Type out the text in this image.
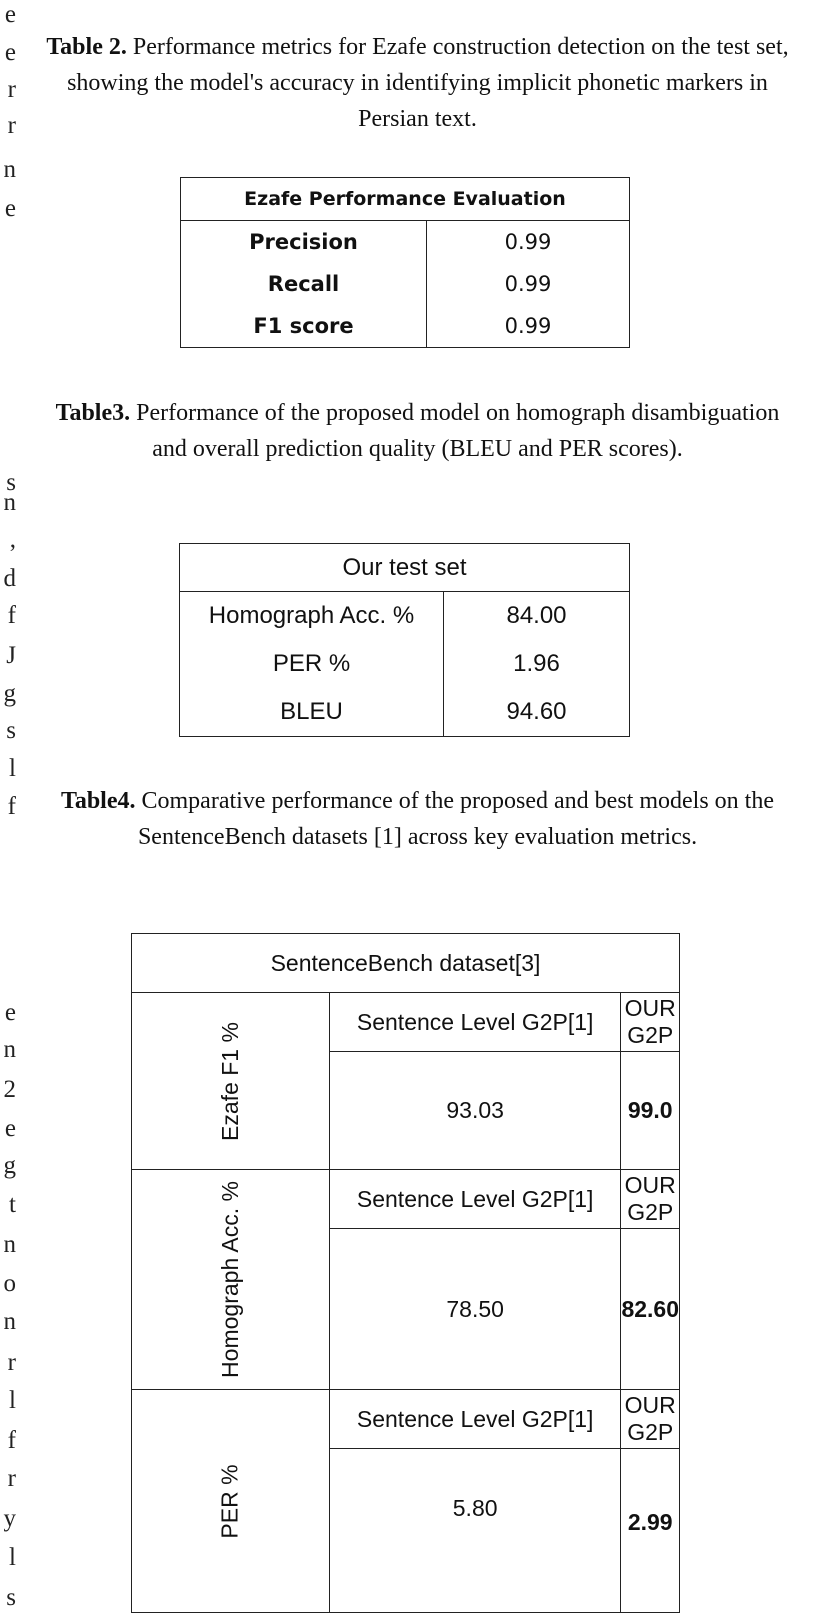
e
e
r
r
n
e
s
n
,
d
f
J
g
s
l
f
e
n
2
e
g
t
n
o
n
r
l
f
r
y
l
s
Table 2. Performance metrics for Ezafe construction detection on the test set, showing the model's accuracy in identifying implicit phonetic markers in Persian text.
Ezafe Performance Evaluation	
Precision	0.99
Recall	0.99
F1 score	0.99
Table3. Performance of the proposed model on homograph disambiguation and overall prediction quality (BLEU and PER scores).
Our test set	
Homograph Acc. %	84.00
PER %	1.96
BLEU	94.60
Table4. Comparative performance of the proposed and best models on the SentenceBench datasets [1] across key evaluation metrics.
SentenceBench dataset[3]		
Ezafe F1 %	Sentence Level G2P[1]	OUR G2P
	93.03	99.0
Homograph Acc. %	Sentence Level G2P[1]	OUR G2P
	78.50	82.60
PER %	Sentence Level G2P[1]	OUR G2P
	5.80	2.99
